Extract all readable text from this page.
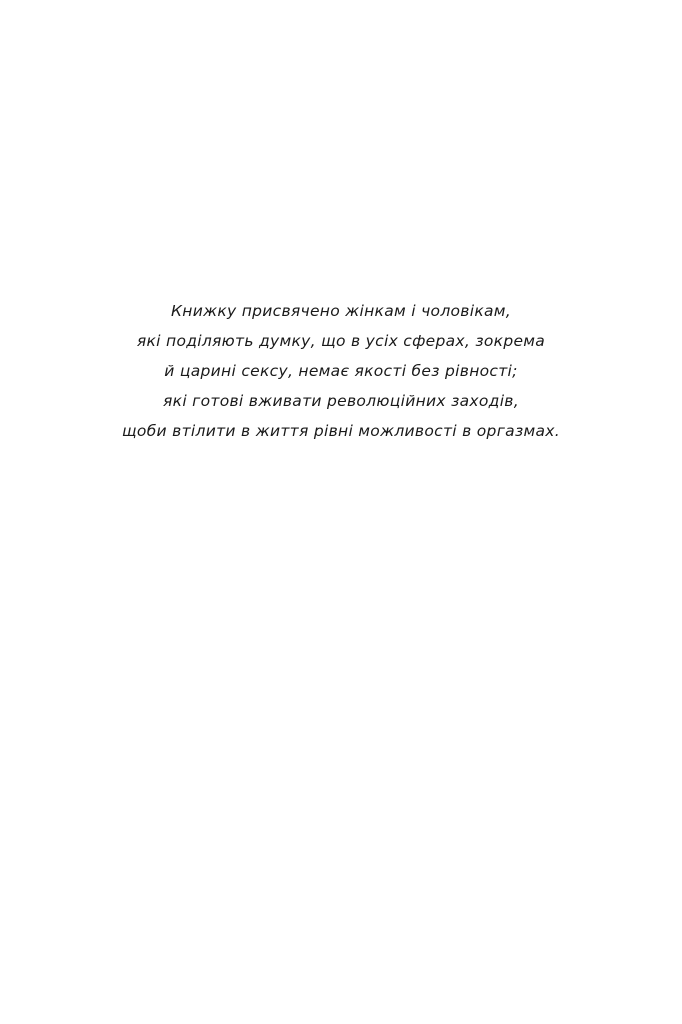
Книжку присвячено жінкам і чоловікам,
які поділяють думку, що в усіх сферах, зокрема
й царині сексу, немає якості без рівності;
які готові вживати революційних заходів,
щоби втілити в життя рівні можливості в оргазмах.
